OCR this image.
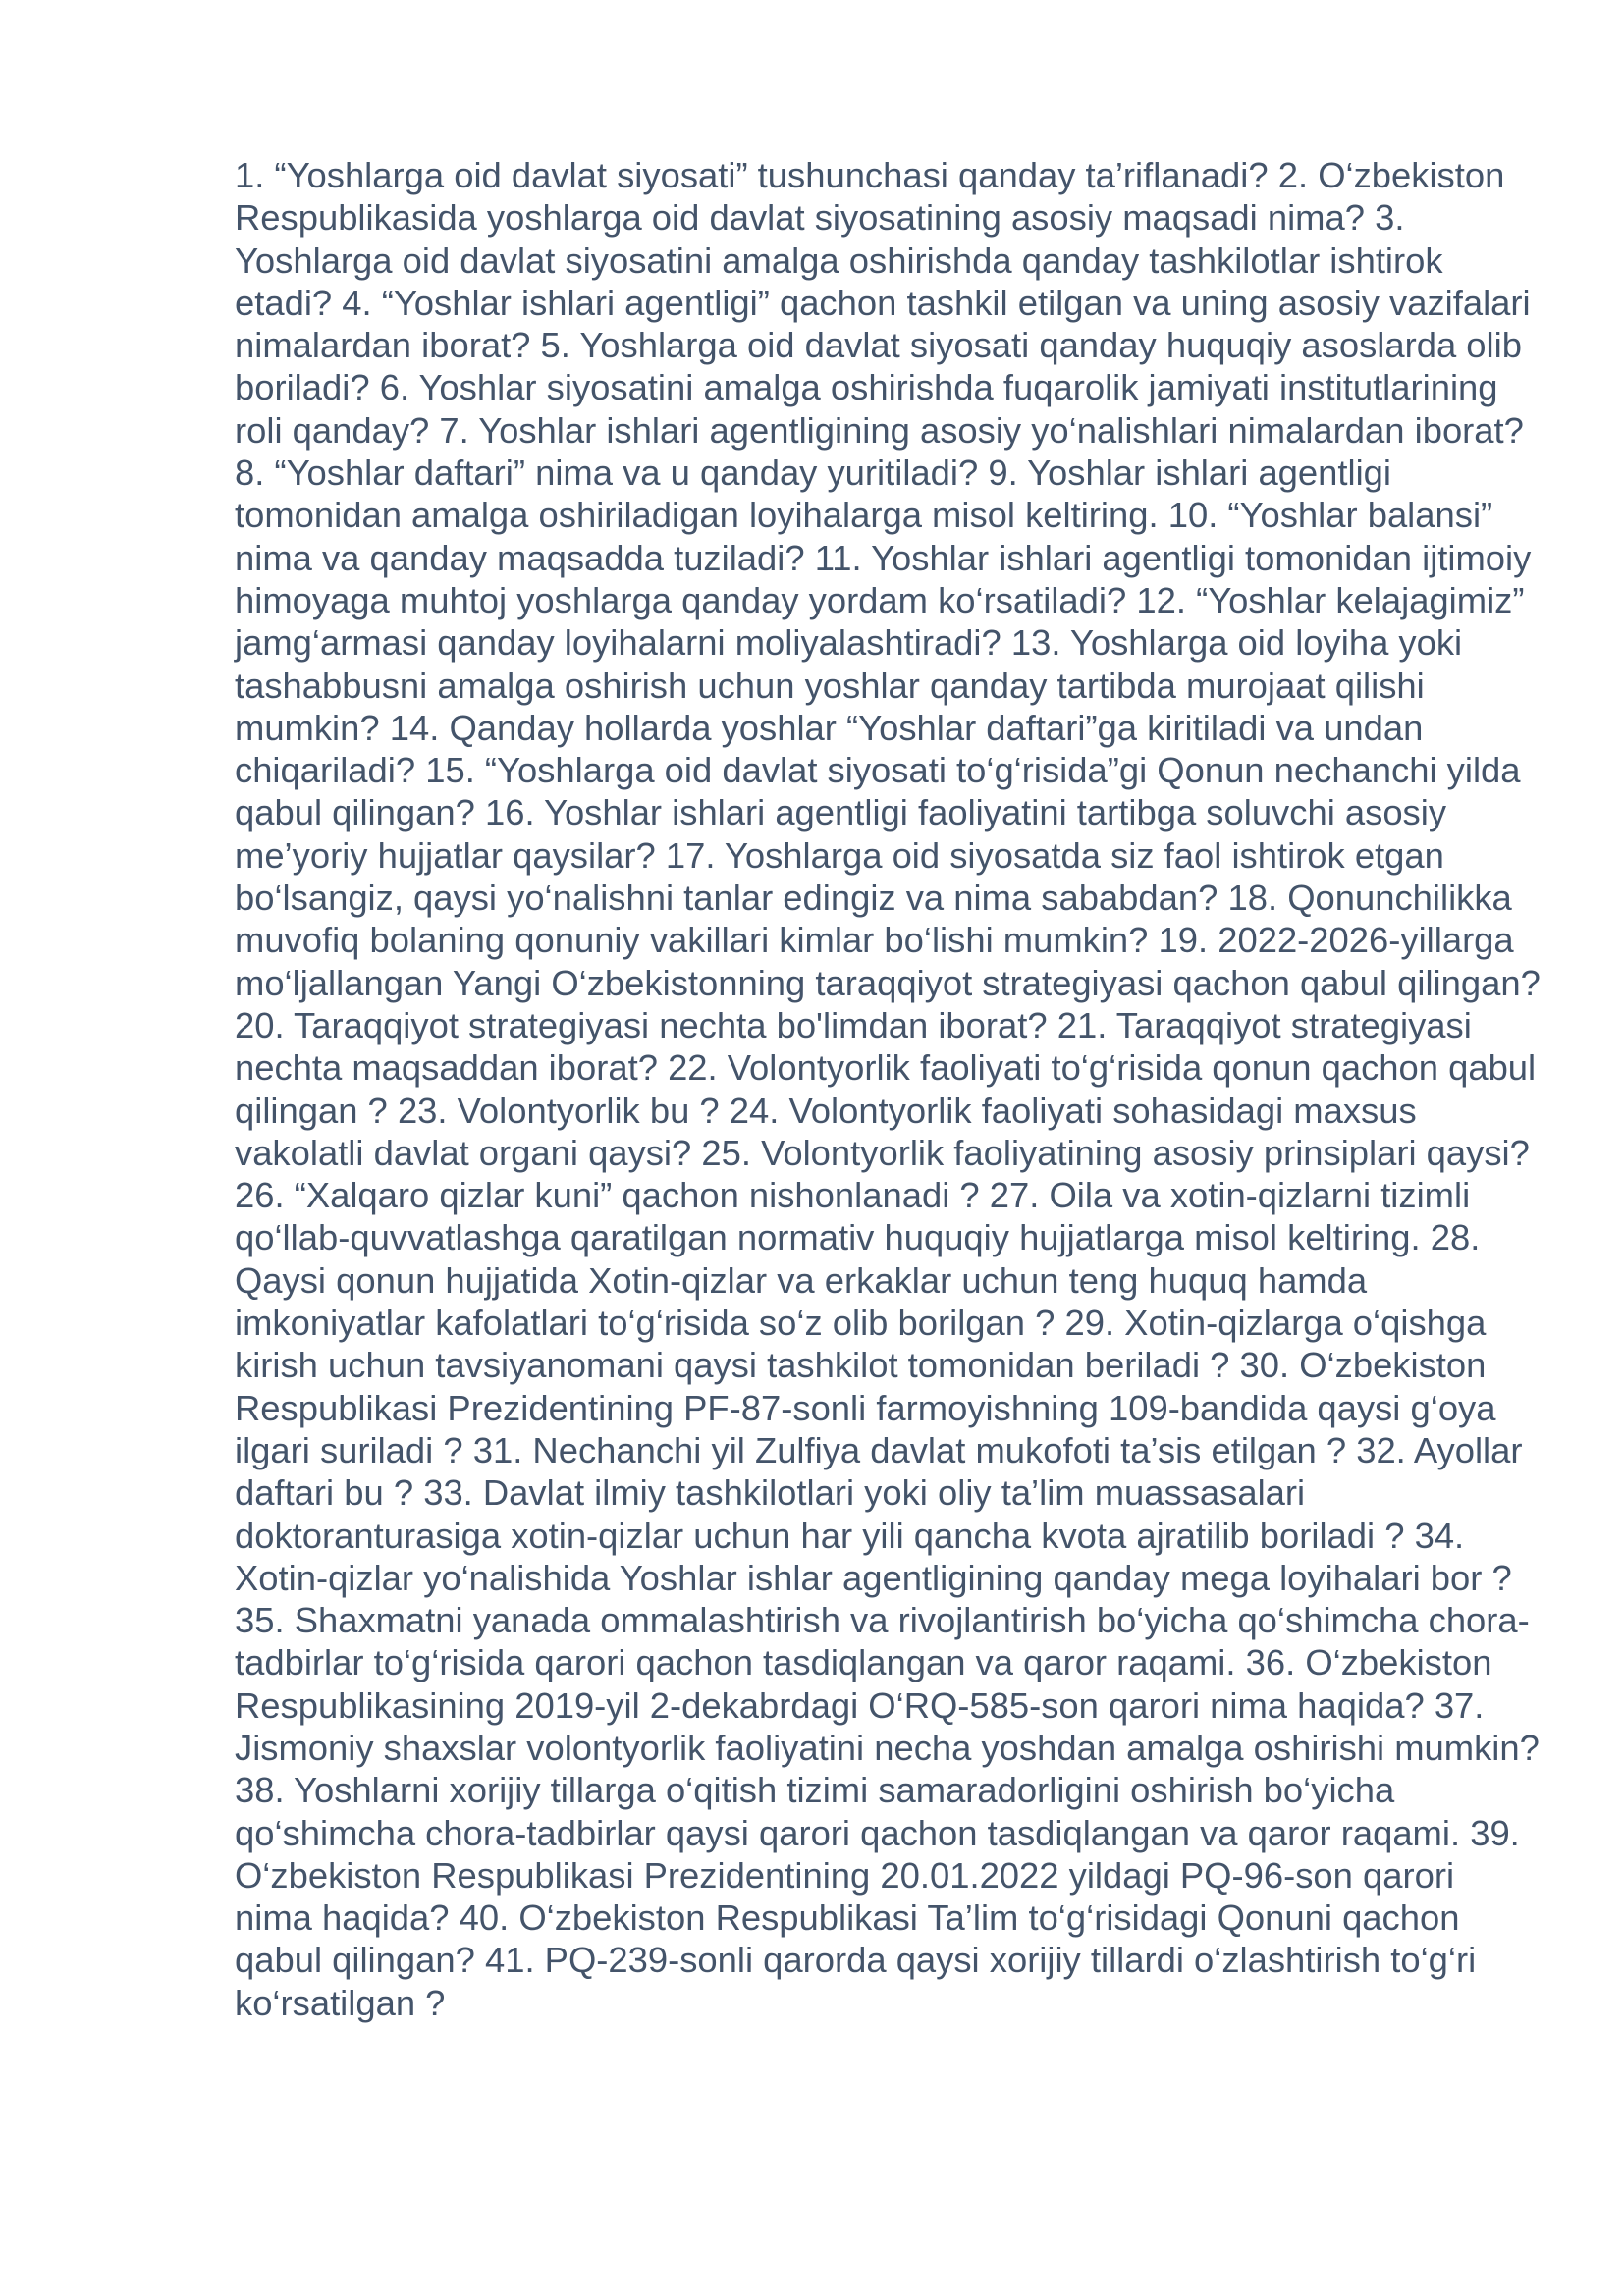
1. “Yoshlarga oid davlat siyosati” tushunchasi qanday ta’riflanadi? 2. O‘zbekiston Respublikasida yoshlarga oid davlat siyosatining asosiy maqsadi nima? 3. Yoshlarga oid davlat siyosatini amalga oshirishda qanday tashkilotlar ishtirok etadi? 4. “Yoshlar ishlari agentligi” qachon tashkil etilgan va uning asosiy vazifalari nimalardan iborat? 5. Yoshlarga oid davlat siyosati qanday huquqiy asoslarda olib boriladi? 6. Yoshlar siyosatini amalga oshirishda fuqarolik jamiyati institutlarining roli qanday? 7. Yoshlar ishlari agentligining asosiy yo‘nalishlari nimalardan iborat? 8. “Yoshlar daftari” nima va u qanday yuritiladi? 9. Yoshlar ishlari agentligi tomonidan amalga oshiriladigan loyihalarga misol keltiring. 10. “Yoshlar balansi” nima va qanday maqsadda tuziladi? 11. Yoshlar ishlari agentligi tomonidan ijtimoiy himoyaga muhtoj yoshlarga qanday yordam ko‘rsatiladi? 12. “Yoshlar kelajagimiz” jamg‘armasi qanday loyihalarni moliyalashtiradi? 13. Yoshlarga oid loyiha yoki tashabbusni amalga oshirish uchun yoshlar qanday tartibda murojaat qilishi mumkin? 14. Qanday hollarda yoshlar “Yoshlar daftari”ga kiritiladi va undan chiqariladi? 15. “Yoshlarga oid davlat siyosati to‘g‘risida”gi Qonun nechanchi yilda qabul qilingan? 16. Yoshlar ishlari agentligi faoliyatini tartibga soluvchi asosiy me’yoriy hujjatlar qaysilar? 17. Yoshlarga oid siyosatda siz faol ishtirok etgan bo‘lsangiz, qaysi yo‘nalishni tanlar edingiz va nima sababdan? 18. Qonunchilikka muvofiq bolaning qonuniy vakillari kimlar bo‘lishi mumkin? 19. 2022-2026-yillarga mo‘ljallangan Yangi O‘zbekistonning taraqqiyot strategiyasi qachon qabul qilingan? 20. Taraqqiyot strategiyasi nechta bo'limdan iborat? 21. Taraqqiyot strategiyasi nechta maqsaddan iborat? 22. Volontyorlik faoliyati to‘g‘risida qonun qachon qabul qilingan ? 23. Volontyorlik bu ? 24. Volontyorlik faoliyati sohasidagi maxsus vakolatli davlat organi qaysi? 25. Volontyorlik faoliyatining asosiy prinsiplari qaysi? 26. “Xalqaro qizlar kuni” qachon nishonlanadi ? 27. Oila va xotin-qizlarni tizimli qo‘llab-quvvatlashga qaratilgan normativ huquqiy hujjatlarga misol keltiring. 28. Qaysi qonun hujjatida Xotin-qizlar va erkaklar uchun teng huquq hamda imkoniyatlar kafolatlari to‘g‘risida so‘z olib borilgan ? 29. Xotin-qizlarga o‘qishga kirish uchun tavsiyanomani qaysi tashkilot tomonidan beriladi ? 30. O‘zbekiston Respublikasi Prezidentining PF-87-sonli farmoyishning 109-bandida qaysi g‘oya ilgari suriladi ? 31. Nechanchi yil Zulfiya davlat mukofoti ta’sis etilgan ? 32. Ayollar daftari bu ? 33. Davlat ilmiy tashkilotlari yoki oliy ta’lim muassasalari doktoranturasiga xotin-qizlar uchun har yili qancha kvota ajratilib boriladi ? 34. Xotin-qizlar yo‘nalishida Yoshlar ishlar agentligining qanday mega loyihalari bor ? 35. Shaxmatni yanada ommalashtirish va rivojlantirish bo‘yicha qo‘shimcha chora-tadbirlar to‘g‘risida qarori qachon tasdiqlangan va qaror raqami. 36. O‘zbekiston Respublikasining 2019-yil 2-dekabrdagi O‘RQ-585-son qarori nima haqida? 37. Jismoniy shaxslar volontyorlik faoliyatini necha yoshdan amalga oshirishi mumkin? 38. Yoshlarni xorijiy tillarga o‘qitish tizimi samaradorligini oshirish bo‘yicha qo‘shimcha chora-tadbirlar qaysi qarori qachon tasdiqlangan va qaror raqami. 39. O‘zbekiston Respublikasi Prezidentining 20.01.2022 yildagi PQ-96-son qarori nima haqida? 40. O‘zbekiston Respublikasi Ta’lim to‘g‘risidagi Qonuni qachon qabul qilingan? 41. PQ-239-sonli qarorda qaysi xorijiy tillardi o‘zlashtirish to‘g‘ri ko‘rsatilgan ?
